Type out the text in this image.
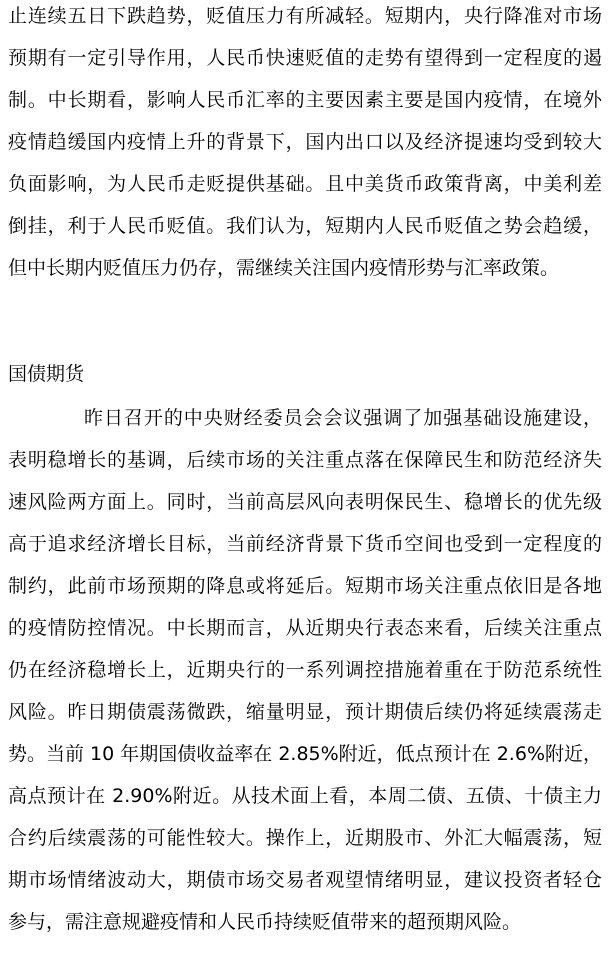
止连续五日下跌趋势，贬值压力有所减轻。短期内，央行降准对市场
预期有一定引导作用，人民币快速贬值的走势有望得到一定程度的遏
制。中长期看，影响人民币汇率的主要因素主要是国内疫情，在境外
疫情趋缓国内疫情上升的背景下，国内出口以及经济提速均受到较大
负面影响，为人民币走贬提供基础。且中美货币政策背离，中美利差
倒挂，利于人民币贬值。我们认为，短期内人民币贬值之势会趋缓，
但中长期内贬值压力仍存，需继续关注国内疫情形势与汇率政策。
国债期货
昨日召开的中央财经委员会会议强调了加强基础设施建设，
表明稳增长的基调，后续市场的关注重点落在保障民生和防范经济失
速风险两方面上。同时，当前高层风向表明保民生、稳增长的优先级
高于追求经济增长目标，当前经济背景下货币空间也受到一定程度的
制约，此前市场预期的降息或将延后。短期市场关注重点依旧是各地
的疫情防控情况。中长期而言，从近期央行表态来看，后续关注重点
仍在经济稳增长上，近期央行的一系列调控措施着重在于防范系统性
风险。昨日期债震荡微跌，缩量明显，预计期债后续仍将延续震荡走
势。当前 10 年期国债收益率在 2.85%附近，低点预计在 2.6%附近，
高点预计在 2.90%附近。从技术面上看，本周二债、五债、十债主力
合约后续震荡的可能性较大。操作上，近期股市、外汇大幅震荡，短
期市场情绪波动大，期债市场交易者观望情绪明显，建议投资者轻仓
参与，需注意规避疫情和人民币持续贬值带来的超预期风险。
